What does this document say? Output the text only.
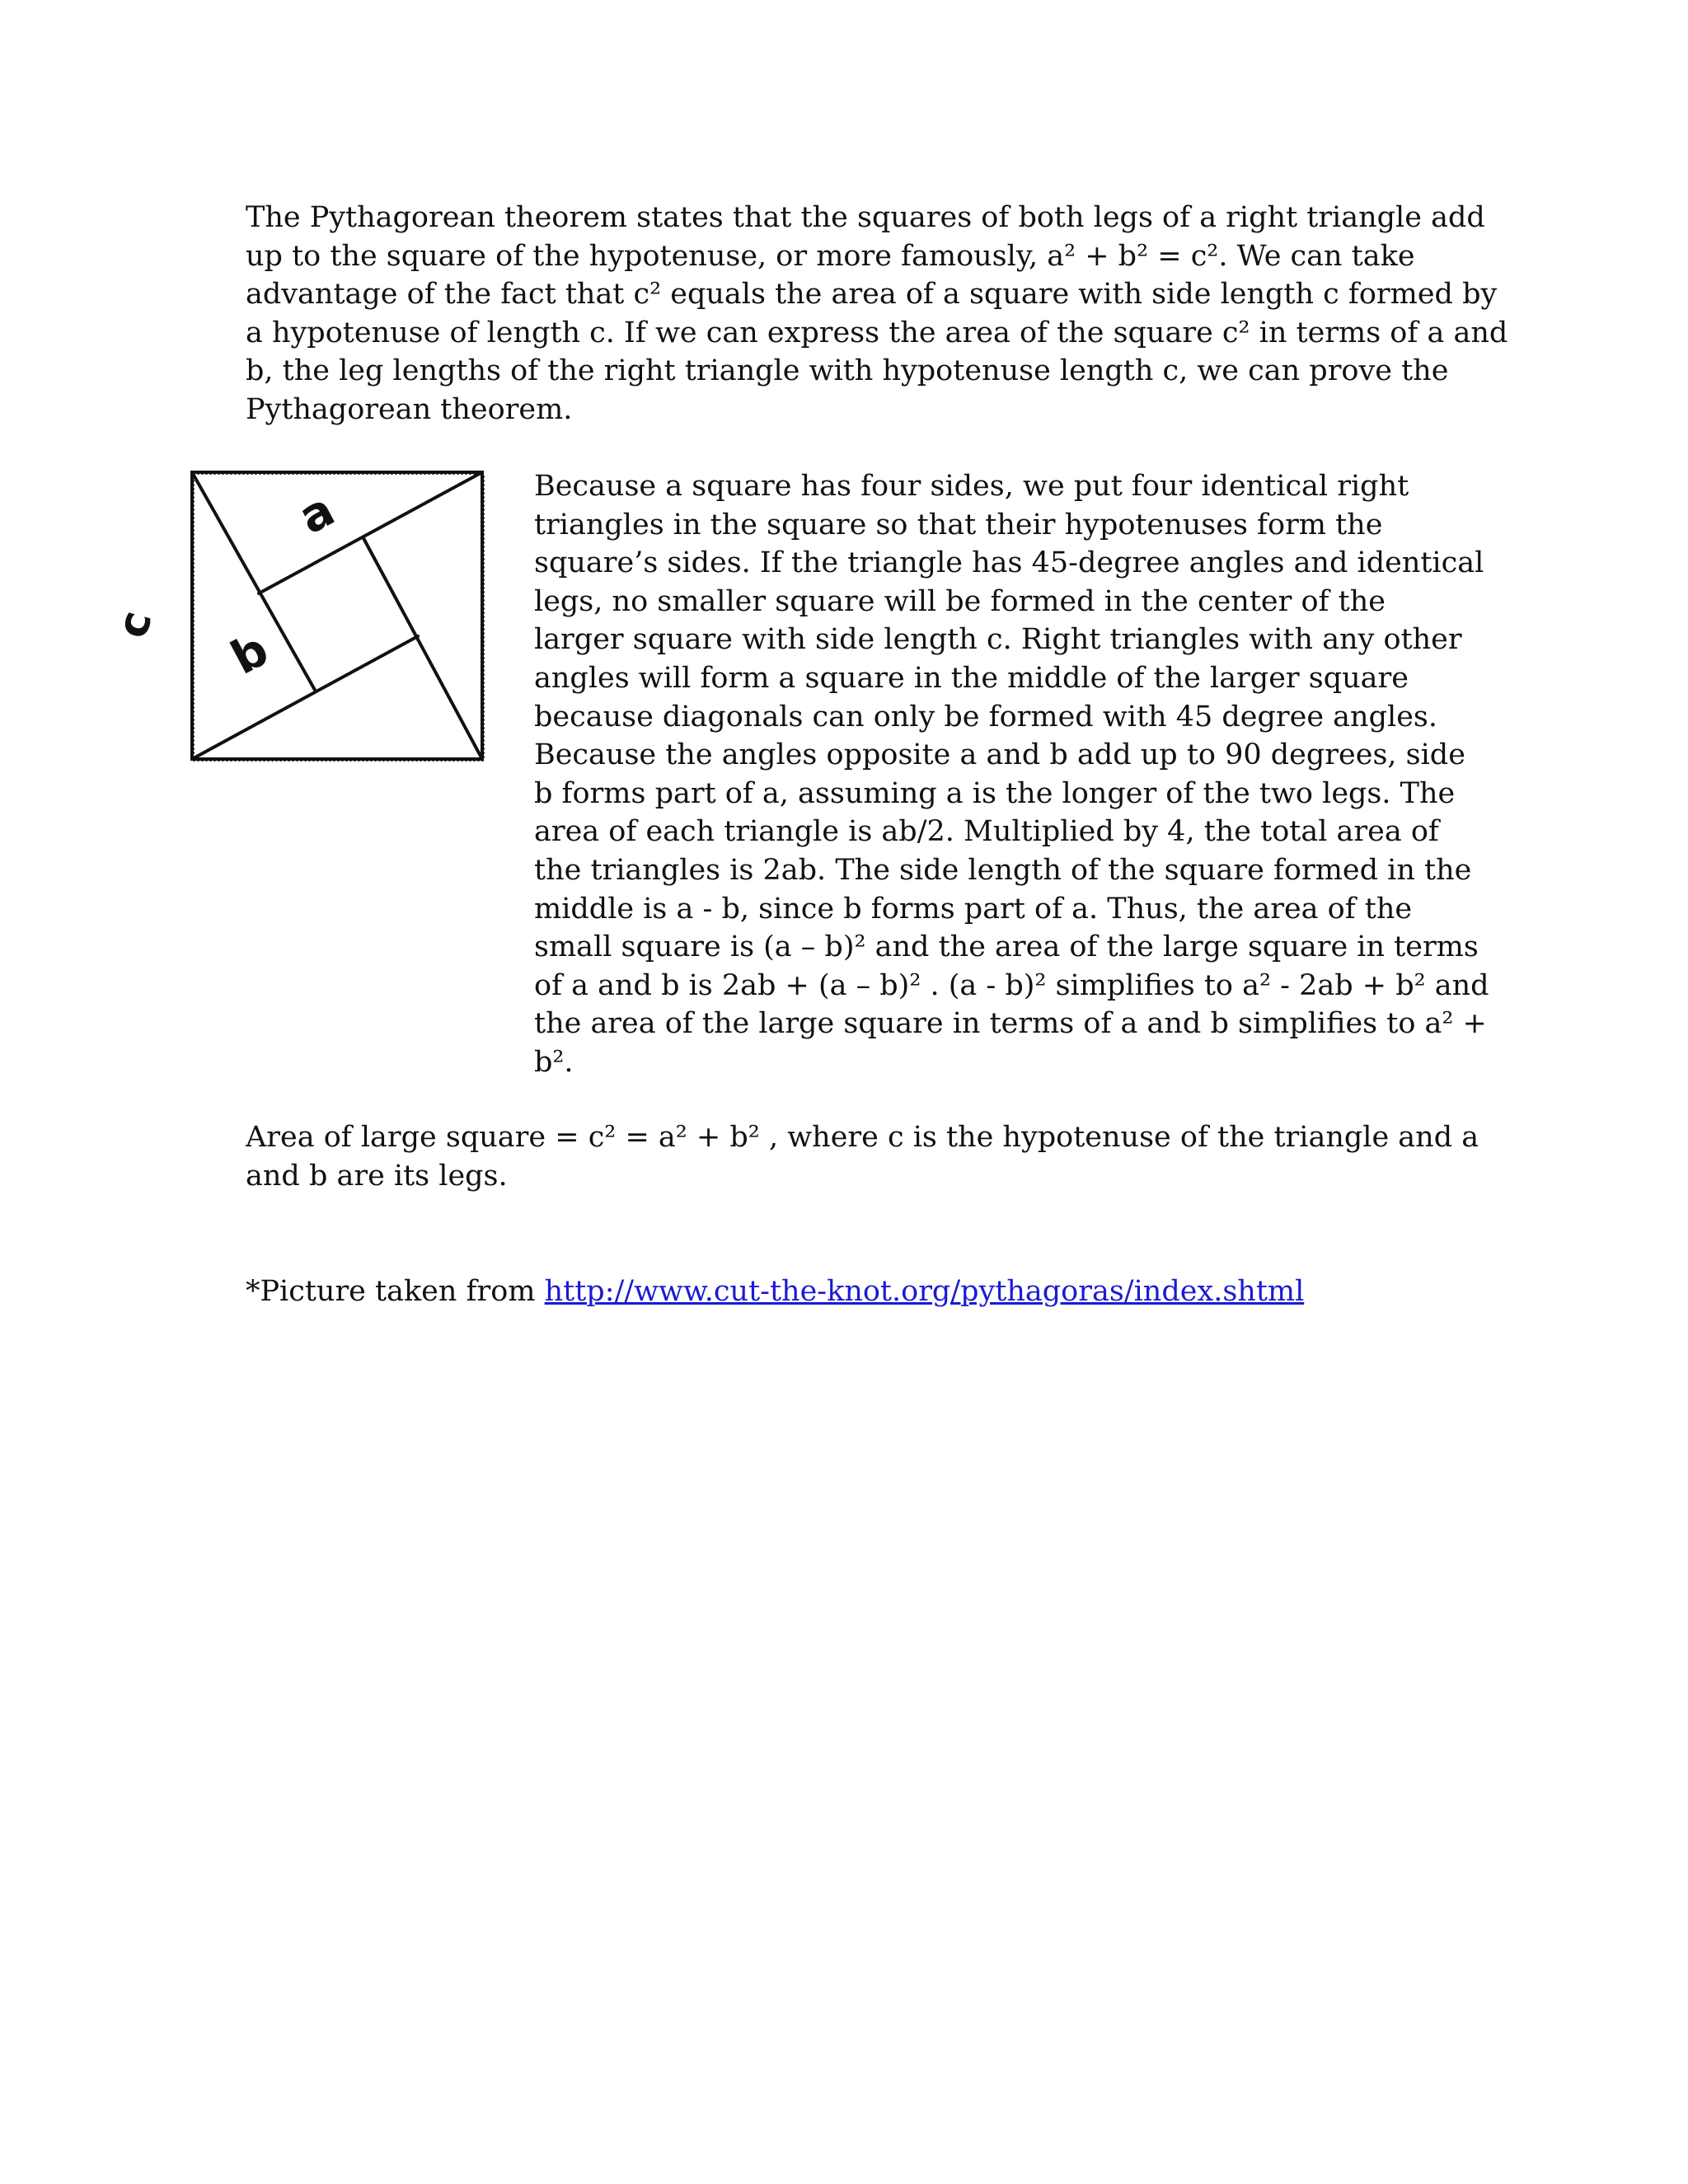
The Pythagorean theorem states that the squares of both legs of a right triangle add
up to the square of the hypotenuse, or more famously, a² + b² = c². We can take
advantage of the fact that c² equals the area of a square with side length c formed by
a hypotenuse of length c. If we can express the area of the square c² in terms of a and
b, the leg lengths of the right triangle with hypotenuse length c, we can prove the
Pythagorean theorem.

a
b
c

Because a square has four sides, we put four identical right
triangles in the square so that their hypotenuses form the
square’s sides. If the triangle has 45-degree angles and identical
legs, no smaller square will be formed in the center of the
larger square with side length c. Right triangles with any other
angles will form a square in the middle of the larger square
because diagonals can only be formed with 45 degree angles.
Because the angles opposite a and b add up to 90 degrees, side
b forms part of a, assuming a is the longer of the two legs. The
area of each triangle is ab/2. Multiplied by 4, the total area of
the triangles is 2ab. The side length of the square formed in the
middle is a - b, since b forms part of a. Thus, the area of the
small square is (a – b)² and the area of the large square in terms
of a and b is 2ab + (a – b)² . (a - b)² simplifies to a² - 2ab + b² and
the area of the large square in terms of a and b simplifies to a² +
b².

Area of large square = c² = a² + b² , where c is the hypotenuse of the triangle and a
and b are its legs.

*Picture taken from http://www.cut-the-knot.org/pythagoras/index.shtml
